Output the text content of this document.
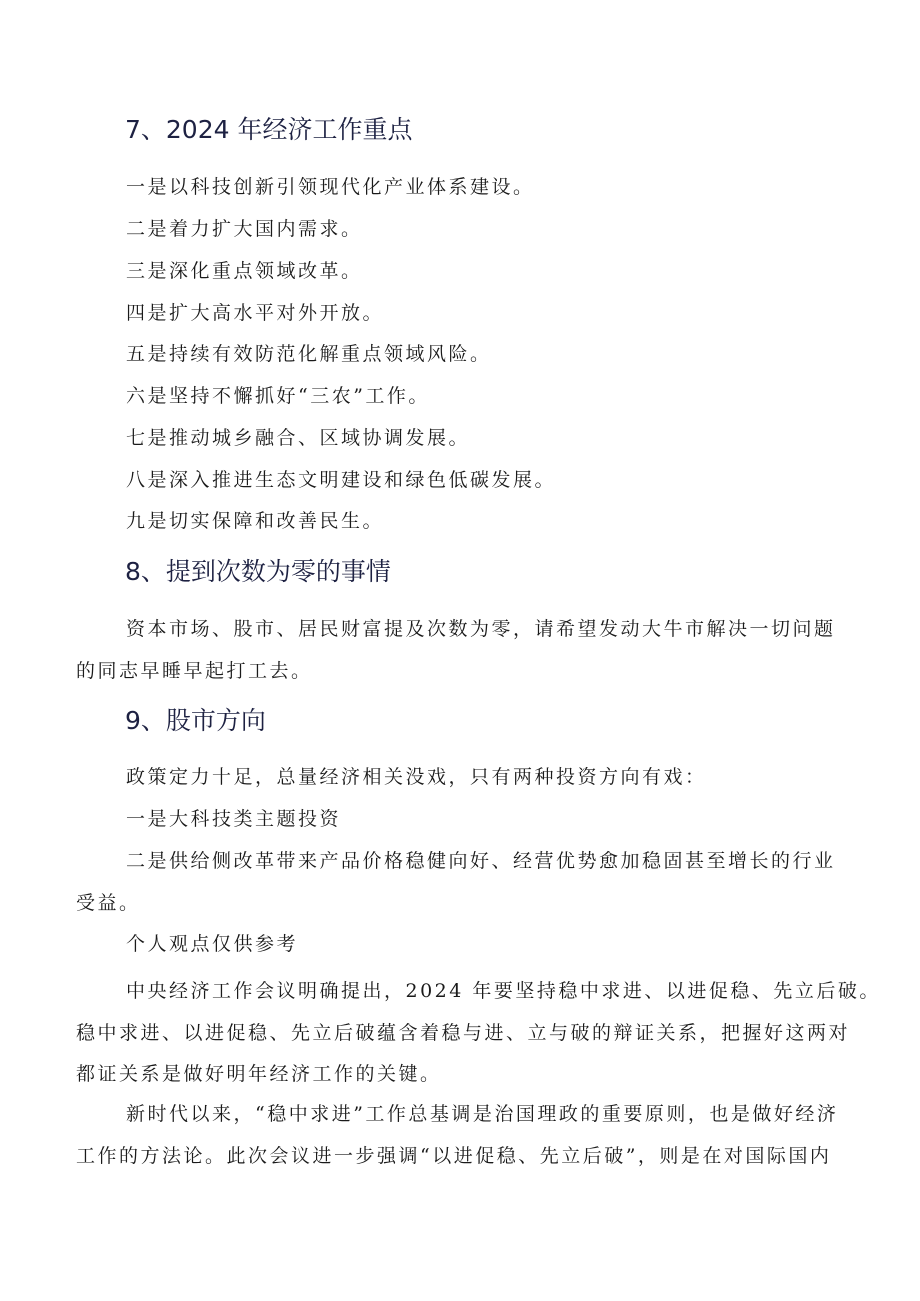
7、2024 年经济工作重点
一是以科技创新引领现代化产业体系建设。
二是着力扩大国内需求。
三是深化重点领域改革。
四是扩大高水平对外开放。
五是持续有效防范化解重点领域风险。
六是坚持不懈抓好“三农”工作。
七是推动城乡融合、区域协调发展。
八是深入推进生态文明建设和绿色低碳发展。
九是切实保障和改善民生。
8、提到次数为零的事情
资本市场、股市、居民财富提及次数为零，请希望发动大牛市解决一切问题
的同志早睡早起打工去。
9、股市方向
政策定力十足，总量经济相关没戏，只有两种投资方向有戏：
一是大科技类主题投资
二是供给侧改革带来产品价格稳健向好、经营优势愈加稳固甚至增长的行业
受益。
个人观点仅供参考
中央经济工作会议明确提出，2024 年要坚持稳中求进、以进促稳、先立后破。
稳中求进、以进促稳、先立后破蕴含着稳与进、立与破的辩证关系，把握好这两对
都证关系是做好明年经济工作的关键。
新时代以来，“稳中求进”工作总基调是治国理政的重要原则，也是做好经济
工作的方法论。此次会议进一步强调“以进促稳、先立后破”，则是在对国际国内
